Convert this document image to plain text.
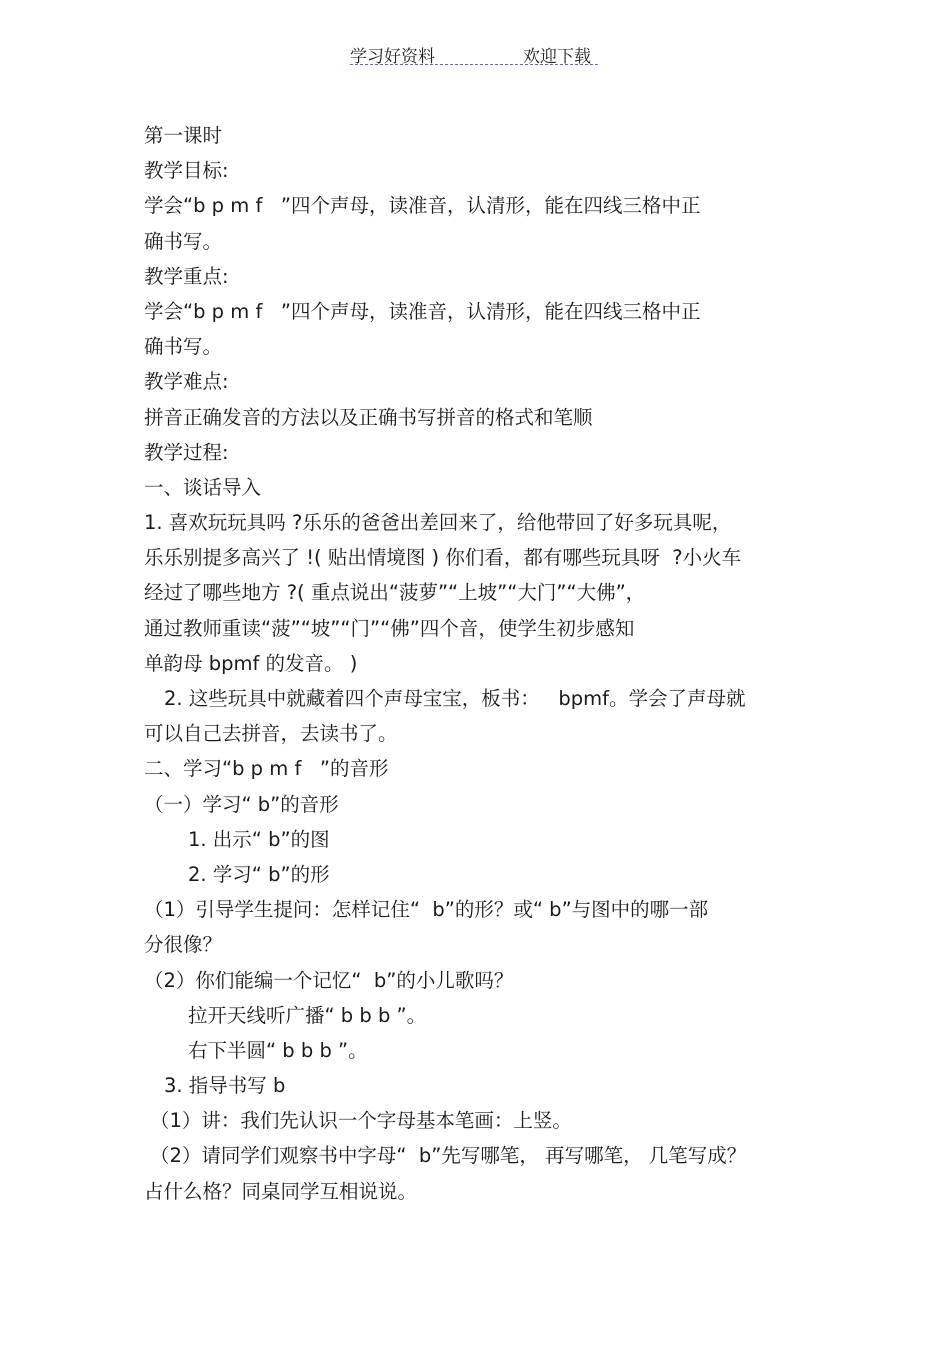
学习好资料	欢迎下载
第一课时
教学目标:
学会“b p m f   ”四个声母，读准音，认清形，能在四线三格中正
确书写。
教学重点:
学会“b p m f   ”四个声母，读准音，认清形，能在四线三格中正
确书写。
教学难点:
拼音正确发音的方法以及正确书写拼音的格式和笔顺
教学过程:
一、谈话导入
1. 喜欢玩玩具吗 ?乐乐的爸爸出差回来了，给他带回了好多玩具呢，
乐乐别提多高兴了 !( 贴出情境图 ) 你们看，都有哪些玩具呀  ?小火车
经过了哪些地方 ?( 重点说出“菠萝”“上坡”“大门”“大佛”，
通过教师重读“菠”“坡”“门”“佛”四个音，使学生初步感知
单韵母 bpmf 的发音。 )
2. 这些玩具中就藏着四个声母宝宝，板书：   bpmf。学会了声母就
可以自己去拼音，去读书了。
二、学习“b p m f   ”的音形
（一）学习“ b”的音形
1. 出示“ b”的图
2. 学习“ b”的形
（1）引导学生提问：怎样记住“  b”的形？或“ b”与图中的哪一部
分很像？
（2）你们能编一个记忆“  b”的小儿歌吗？
拉开天线听广播“ b b b ”。
右下半圆“ b b b ”。
3. 指导书写 b
（1）讲：我们先认识一个字母基本笔画：上竖。
（2）请同学们观察书中字母“  b”先写哪笔， 再写哪笔， 几笔写成？
占什么格？同桌同学互相说说。
